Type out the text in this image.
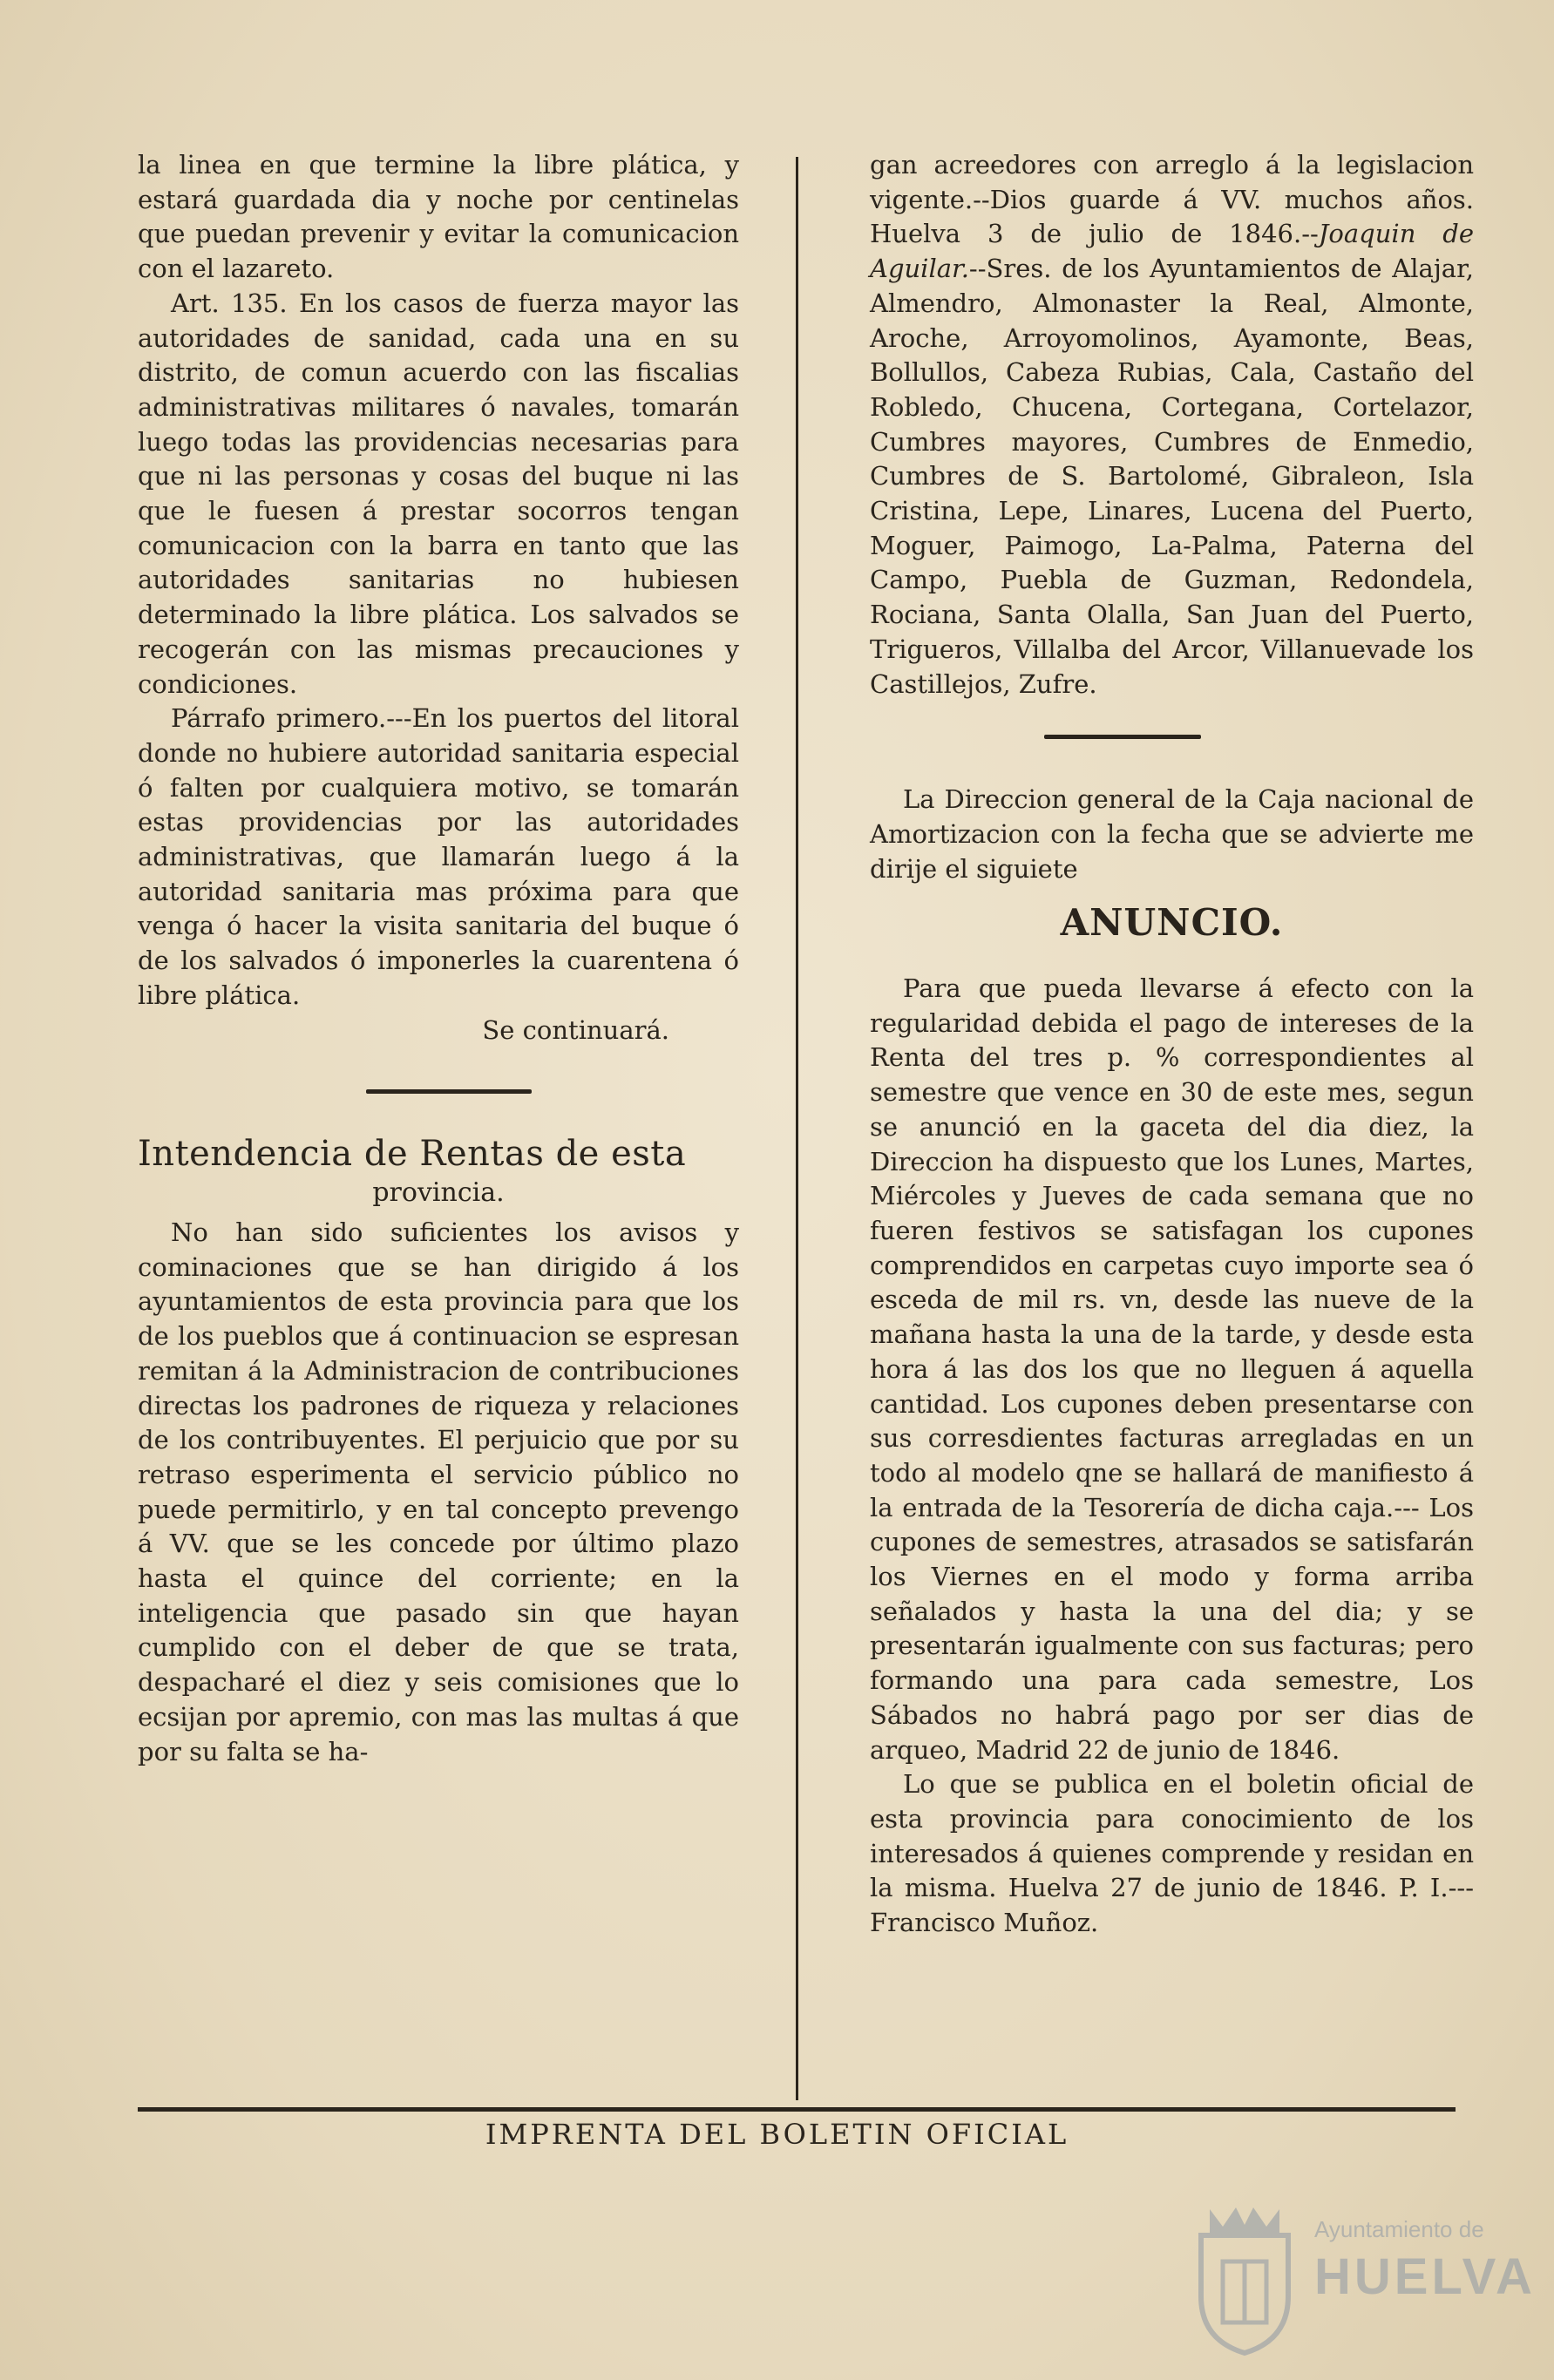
la linea en que termine la libre plática, y estará guardada dia y noche por centinelas que puedan prevenir y evitar la comunicacion con el lazareto.

Art. 135. En los casos de fuerza mayor las autoridades de sanidad, cada una en su distrito, de comun acuerdo con las fiscalias administrativas militares ó navales, tomarán luego todas las providencias necesarias para que ni las personas y cosas del buque ni las que le fuesen á prestar socorros tengan comunicacion con la barra en tanto que las autoridades sanitarias no hubiesen determinado la libre plática. Los salvados se recogerán con las mismas precauciones y condiciones.

Párrafo primero.---En los puertos del litoral donde no hubiere autoridad sanitaria especial ó falten por cualquiera motivo, se tomarán estas providencias por las autoridades administrativas, que llamarán luego á la autoridad sanitaria mas próxima para que venga ó hacer la visita sanitaria del buque ó de los salvados ó imponerles la cuarentena ó libre plática.

Se continuará.

Intendencia de Rentas de esta
provincia.

No han sido suficientes los avisos y cominaciones que se han dirigido á los ayuntamientos de esta provincia para que los de los pueblos que á continuacion se espresan remitan á la Administracion de contribuciones directas los padrones de riqueza y relaciones de los contribuyentes. El perjuicio que por su retraso esperimenta el servicio público no puede permitirlo, y en tal concepto prevengo á VV. que se les concede por último plazo hasta el quince del corriente; en la inteligencia que pasado sin que hayan cumplido con el deber de que se trata, despacharé el diez y seis comisiones que lo ecsijan por apremio, con mas las multas á que por su falta se ha-

gan acreedores con arreglo á la legislacion vigente.--Dios guarde á VV. muchos años. Huelva 3 de julio de 1846.--Joaquin de Aguilar.--Sres. de los Ayuntamientos de Alajar, Almendro, Almonaster la Real, Almonte, Aroche, Arroyomolinos, Ayamonte, Beas, Bollullos, Cabeza Rubias, Cala, Castaño del Robledo, Chucena, Cortegana, Cortelazor, Cumbres mayores, Cumbres de Enmedio, Cumbres de S. Bartolomé, Gibraleon, Isla Cristina, Lepe, Linares, Lucena del Puerto, Moguer, Paimogo, La-Palma, Paterna del Campo, Puebla de Guzman, Redondela, Rociana, Santa Olalla, San Juan del Puerto, Trigueros, Villalba del Arcor, Villanuevade los Castillejos, Zufre.

La Direccion general de la Caja nacional de Amortizacion con la fecha que se advierte me dirije el siguiete

ANUNCIO.

Para que pueda llevarse á efecto con la regularidad debida el pago de intereses de la Renta del tres p. % correspondientes al semestre que vence en 30 de este mes, segun se anunció en la gaceta del dia diez, la Direccion ha dispuesto que los Lunes, Martes, Miércoles y Jueves de cada semana que no fueren festivos se satisfagan los cupones comprendidos en carpetas cuyo importe sea ó esceda de mil rs. vn, desde las nueve de la mañana hasta la una de la tarde, y desde esta hora á las dos los que no lleguen á aquella cantidad. Los cupones deben presentarse con sus corresdientes facturas arregladas en un todo al modelo qne se hallará de manifiesto á la entrada de la Tesorería de dicha caja.--- Los cupones de semestres, atrasados se satisfarán los Viernes en el modo y forma arriba señalados y hasta la una del dia; y se presentarán igualmente con sus facturas; pero formando una para cada semestre, Los Sábados no habrá pago por ser dias de arqueo, Madrid 22 de junio de 1846.

Lo que se publica en el boletin oficial de esta provincia para conocimiento de los interesados á quienes comprende y residan en la misma. Huelva 27 de junio de 1846. P. I.---Francisco Muñoz.

IMPRENTA DEL BOLETIN OFICIAL
Ayuntamiento de
HUELVA
